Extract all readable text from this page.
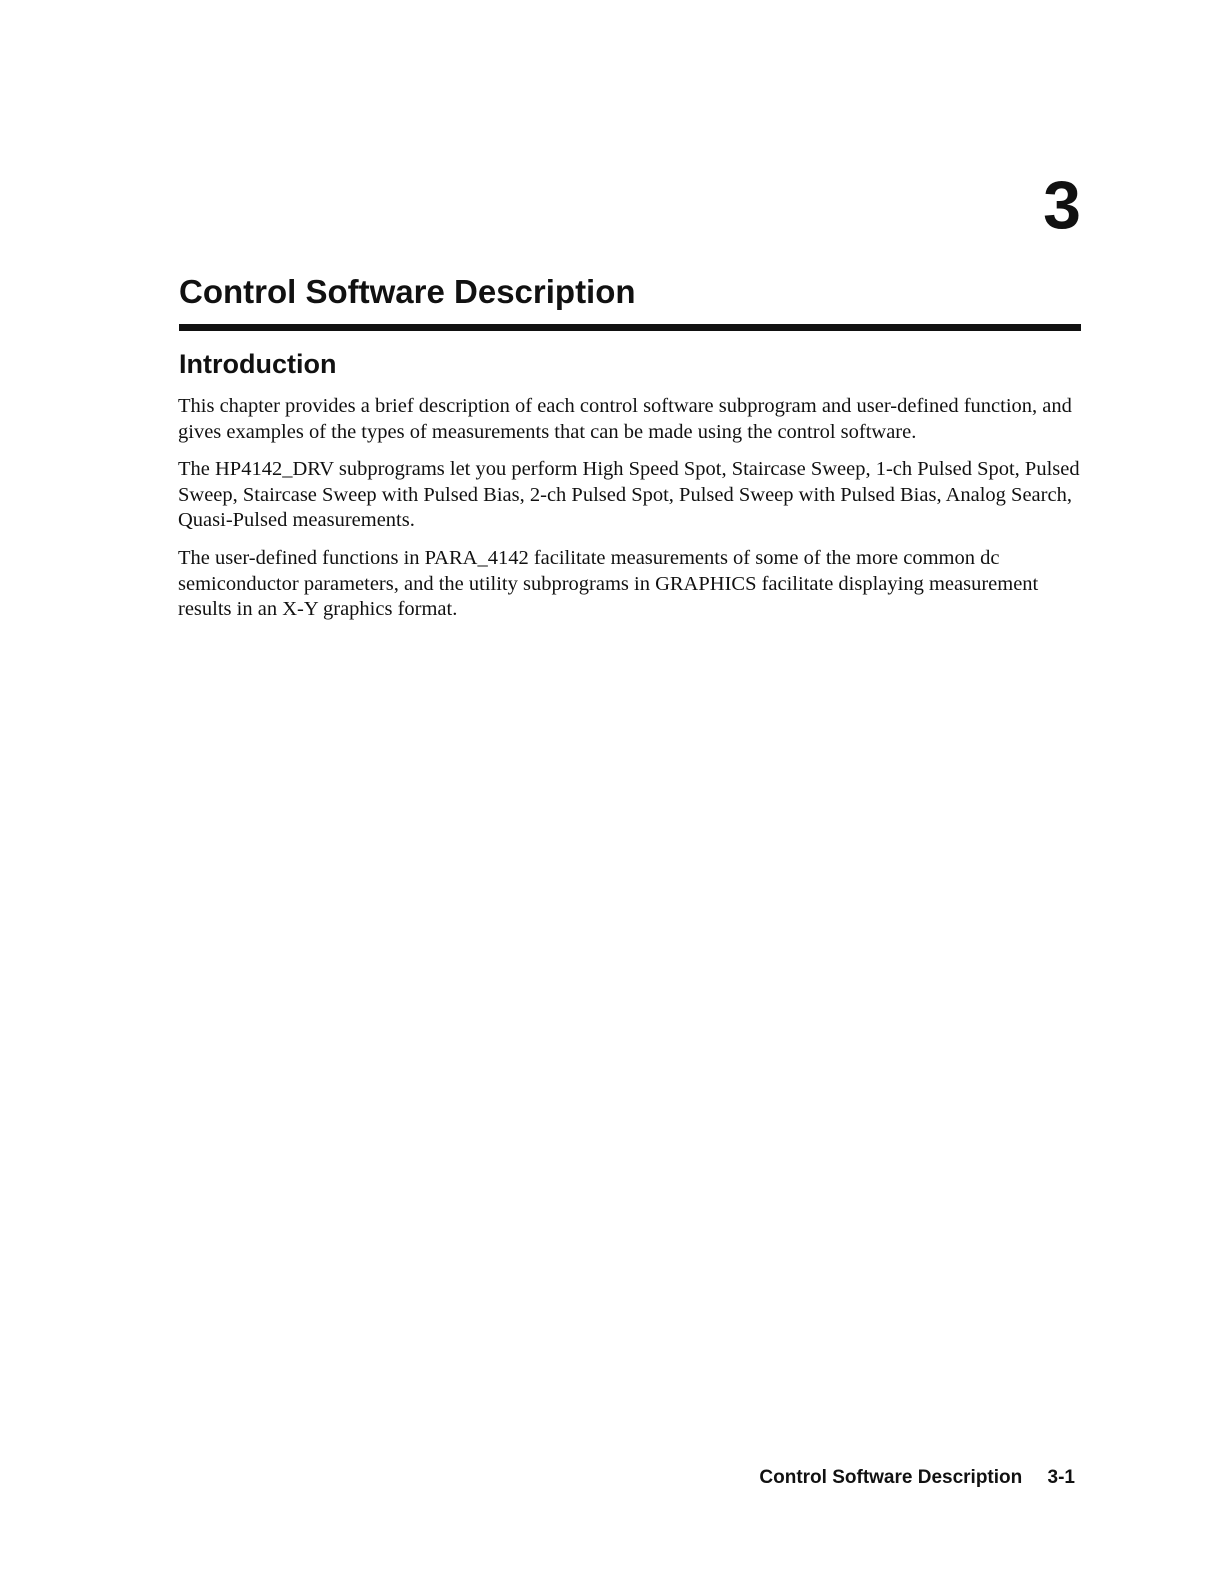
3
Control Software Description
Introduction

This chapter provides a brief description of each control software subprogram and user-defined function, and gives examples of the types of measurements that can be made using the control software.

The HP4142_DRV subprograms let you perform High Speed Spot, Staircase Sweep, 1-ch Pulsed Spot, Pulsed Sweep, Staircase Sweep with Pulsed Bias, 2-ch Pulsed Spot, Pulsed Sweep with Pulsed Bias, Analog Search, Quasi-Pulsed measurements.

The user-defined functions in PARA_4142 facilitate measurements of some of the more common dc semiconductor parameters, and the utility subprograms in GRAPHICS facilitate displaying measurement results in an X-Y graphics format.

Control Software Description 3-1
